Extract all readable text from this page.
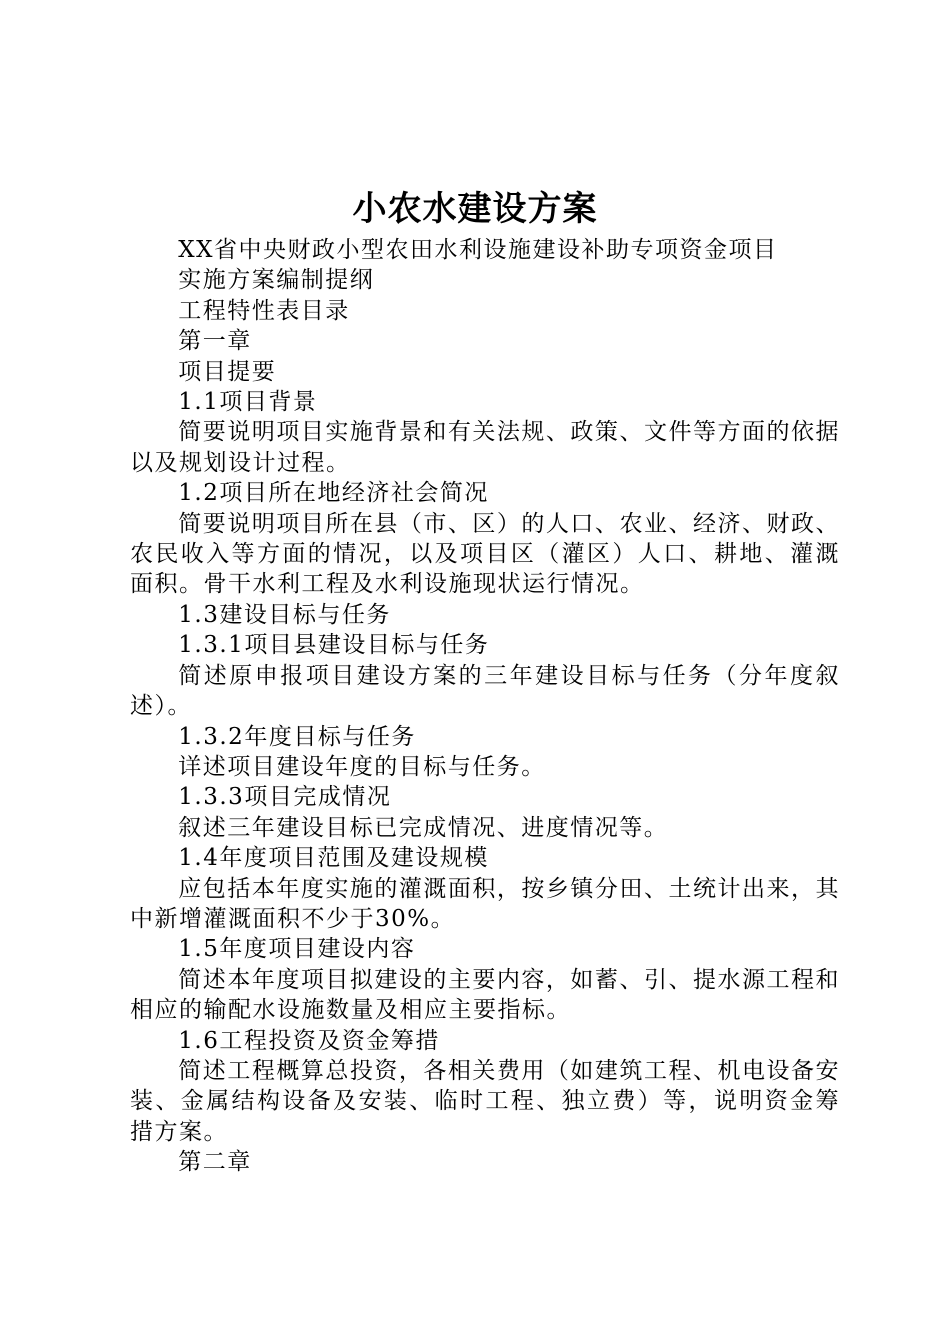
小农水建设方案

XX省中央财政小型农田水利设施建设补助专项资金项目

实施方案编制提纲

工程特性表目录

第一章

项目提要

1.1项目背景

简要说明项目实施背景和有关法规、政策、文件等方面的依据以及规划设计过程。

1.2项目所在地经济社会简况

简要说明项目所在县（市、区）的人口、农业、经济、财政、农民收入等方面的情况，以及项目区（灌区）人口、耕地、灌溉面积。骨干水利工程及水利设施现状运行情况。

1.3建设目标与任务

1.3.1项目县建设目标与任务

简述原申报项目建设方案的三年建设目标与任务（分年度叙述）。

1.3.2年度目标与任务

详述项目建设年度的目标与任务。

1.3.3项目完成情况

叙述三年建设目标已完成情况、进度情况等。

1.4年度项目范围及建设规模

应包括本年度实施的灌溉面积，按乡镇分田、土统计出来，其中新增灌溉面积不少于30%。

1.5年度项目建设内容

简述本年度项目拟建设的主要内容，如蓄、引、提水源工程和相应的输配水设施数量及相应主要指标。

1.6工程投资及资金筹措

简述工程概算总投资，各相关费用（如建筑工程、机电设备安装、金属结构设备及安装、临时工程、独立费）等，说明资金筹措方案。

第二章
